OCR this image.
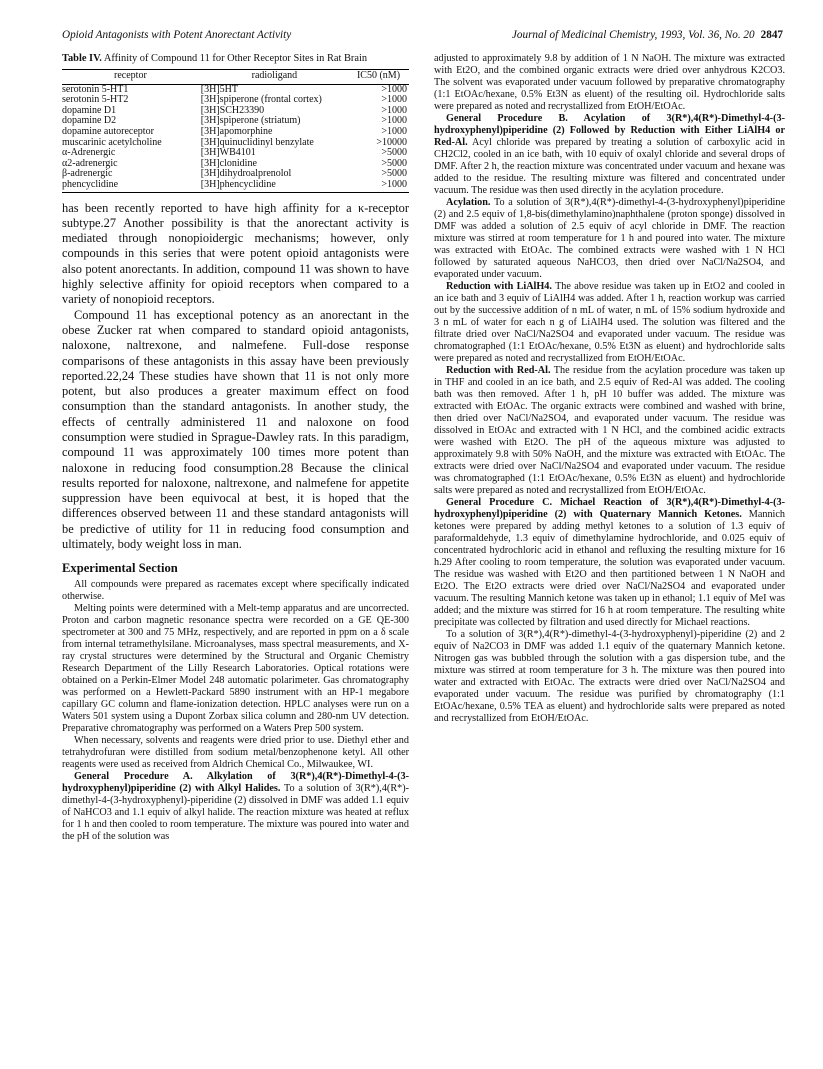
Opioid Antagonists with Potent Anorectant Activity	Journal of Medicinal Chemistry, 1993, Vol. 36, No. 20 2847
Table IV. Affinity of Compound 11 for Other Receptor Sites in Rat Brain
receptor	radioligand	IC50 (nM)
serotonin 5-HT1	[3H]5HT	>1000
serotonin 5-HT2	[3H]spiperone (frontal cortex)	>1000
dopamine D1	[3H]SCH23390	>1000
dopamine D2	[3H]spiperone (striatum)	>1000
dopamine autoreceptor	[3H]apomorphine	>1000
muscarinic acetylcholine	[3H]quinuclidinyl benzylate	>10000
α-Adrenergic	[3H]WB4101	>5000
α2-adrenergic	[3H]clonidine	>5000
β-adrenergic	[3H]dihydroalprenolol	>5000
phencyclidine	[3H]phencyclidine	>1000

has been recently reported to have high affinity for a κ-receptor subtype.27 Another possibility is that the anorectant activity is mediated through nonopioidergic mechanisms; however, only compounds in this series that were potent opioid antagonists were also potent anorectants. In addition, compound 11 was shown to have highly selective affinity for opioid receptors when compared to a variety of nonopioid receptors.

Compound 11 has exceptional potency as an anorectant in the obese Zucker rat when compared to standard opioid antagonists, naloxone, naltrexone, and nalmefene. Full-dose response comparisons of these antagonists in this assay have been previously reported.22,24 These studies have shown that 11 is not only more potent, but also produces a greater maximum effect on food consumption than the standard antagonists. In another study, the effects of centrally administered 11 and naloxone on food consumption were studied in Sprague-Dawley rats. In this paradigm, compound 11 was approximately 100 times more potent than naloxone in reducing food consumption.28 Because the clinical results reported for naloxone, naltrexone, and nalmefene for appetite suppression have been equivocal at best, it is hoped that the differences observed between 11 and these standard antagonists will be predictive of utility for 11 in reducing food consumption and ultimately, body weight loss in man.

Experimental Section

All compounds were prepared as racemates except where specifically indicated otherwise.

Melting points were determined with a Melt-temp apparatus and are uncorrected. Proton and carbon magnetic resonance spectra were recorded on a GE QE-300 spectrometer at 300 and 75 MHz, respectively, and are reported in ppm on a δ scale from internal tetramethylsilane. Microanalyses, mass spectral measurements, and X-ray crystal structures were determined by the Structural and Organic Chemistry Research Department of the Lilly Research Laboratories. Optical rotations were obtained on a Perkin-Elmer Model 248 automatic polarimeter. Gas chromatography was performed on a Hewlett-Packard 5890 instrument with an HP-1 megabore capillary GC column and flame-ionization detection. HPLC analyses were run on a Waters 501 system using a Dupont Zorbax silica column and 280-nm UV detection. Preparative chromatography was performed on a Waters Prep 500 system.

When necessary, solvents and reagents were dried prior to use. Diethyl ether and tetrahydrofuran were distilled from sodium metal/benzophenone ketyl. All other reagents were used as received from Aldrich Chemical Co., Milwaukee, WI.

General Procedure A. Alkylation of 3(R*),4(R*)-Dimethyl-4-(3-hydroxyphenyl)piperidine (2) with Alkyl Halides. To a solution of 3(R*),4(R*)-dimethyl-4-(3-hydroxyphenyl)-piperidine (2) dissolved in DMF was added 1.1 equiv of NaHCO3 and 1.1 equiv of alkyl halide. The reaction mixture was heated at reflux for 1 h and then cooled to room temperature. The mixture was poured into water and the pH of the solution was

adjusted to approximately 9.8 by addition of 1 N NaOH. The mixture was extracted with Et2O, and the combined organic extracts were dried over anhydrous K2CO3. The solvent was evaporated under vacuum followed by preparative chromatography (1:1 EtOAc/hexane, 0.5% Et3N as eluent) of the resulting oil. Hydrochloride salts were prepared as noted and recrystallized from EtOH/EtOAc.

General Procedure B. Acylation of 3(R*),4(R*)-Dimethyl-4-(3-hydroxyphenyl)piperidine (2) Followed by Reduction with Either LiAlH4 or Red-Al. Acyl chloride was prepared by treating a solution of carboxylic acid in CH2Cl2, cooled in an ice bath, with 10 equiv of oxalyl chloride and several drops of DMF. After 2 h, the reaction mixture was concentrated under vacuum and hexane was added to the residue. The resulting mixture was filtered and concentrated under vacuum. The residue was then used directly in the acylation procedure.

Acylation. To a solution of 3(R*),4(R*)-dimethyl-4-(3-hydroxyphenyl)piperidine (2) and 2.5 equiv of 1,8-bis(dimethylamino)naphthalene (proton sponge) dissolved in DMF was added a solution of 2.5 equiv of acyl chloride in DMF. The reaction mixture was stirred at room temperature for 1 h and poured into water. The mixture was extracted with EtOAc. The combined extracts were washed with 1 N HCl followed by saturated aqueous NaHCO3, then dried over NaCl/Na2SO4, and evaporated under vacuum.

Reduction with LiAlH4. The above residue was taken up in EtO2 and cooled in an ice bath and 3 equiv of LiAlH4 was added. After 1 h, reaction workup was carried out by the successive addition of n mL of water, n mL of 15% sodium hydroxide and 3 n mL of water for each n g of LiAlH4 used. The solution was filtered and the filtrate dried over NaCl/Na2SO4 and evaporated under vacuum. The residue was chromatographed (1:1 EtOAc/hexane, 0.5% Et3N as eluent) and hydrochloride salts were prepared as noted and recrystallized from EtOH/EtOAc.

Reduction with Red-Al. The residue from the acylation procedure was taken up in THF and cooled in an ice bath, and 2.5 equiv of Red-Al was added. The cooling bath was then removed. After 1 h, pH 10 buffer was added. The mixture was extracted with EtOAc. The organic extracts were combined and washed with brine, then dried over NaCl/Na2SO4, and evaporated under vacuum. The residue was dissolved in EtOAc and extracted with 1 N HCl, and the combined acidic extracts were washed with Et2O. The pH of the aqueous mixture was adjusted to approximately 9.8 with 50% NaOH, and the mixture was extracted with EtOAc. The extracts were dried over NaCl/Na2SO4 and evaporated under vacuum. The residue was chromatographed (1:1 EtOAc/hexane, 0.5% Et3N as eluent) and hydrochloride salts were prepared as noted and recrystallized from EtOH/EtOAc.

General Procedure C. Michael Reaction of 3(R*),4(R*)-Dimethyl-4-(3-hydroxyphenyl)piperidine (2) with Quaternary Mannich Ketones. Mannich ketones were prepared by adding methyl ketones to a solution of 1.3 equiv of paraformaldehyde, 1.3 equiv of dimethylamine hydrochloride, and 0.025 equiv of concentrated hydrochloric acid in ethanol and refluxing the resulting mixture for 16 h.29 After cooling to room temperature, the solution was evaporated under vacuum. The residue was washed with Et2O and then partitioned between 1 N NaOH and Et2O. The Et2O extracts were dried over NaCl/Na2SO4 and evaporated under vacuum. The resulting Mannich ketone was taken up in ethanol; 1.1 equiv of MeI was added; and the mixture was stirred for 16 h at room temperature. The resulting white precipitate was collected by filtration and used directly for Michael reactions.

To a solution of 3(R*),4(R*)-dimethyl-4-(3-hydroxyphenyl)-piperidine (2) and 2 equiv of Na2CO3 in DMF was added 1.1 equiv of the quaternary Mannich ketone. Nitrogen gas was bubbled through the solution with a gas dispersion tube, and the mixture was stirred at room temperature for 3 h. The mixture was then poured into water and extracted with EtOAc. The extracts were dried over NaCl/Na2SO4 and evaporated under vacuum. The residue was purified by chromatography (1:1 EtOAc/hexane, 0.5% TEA as eluent) and hydrochloride salts were prepared as noted and recrystallized from EtOH/EtOAc.
